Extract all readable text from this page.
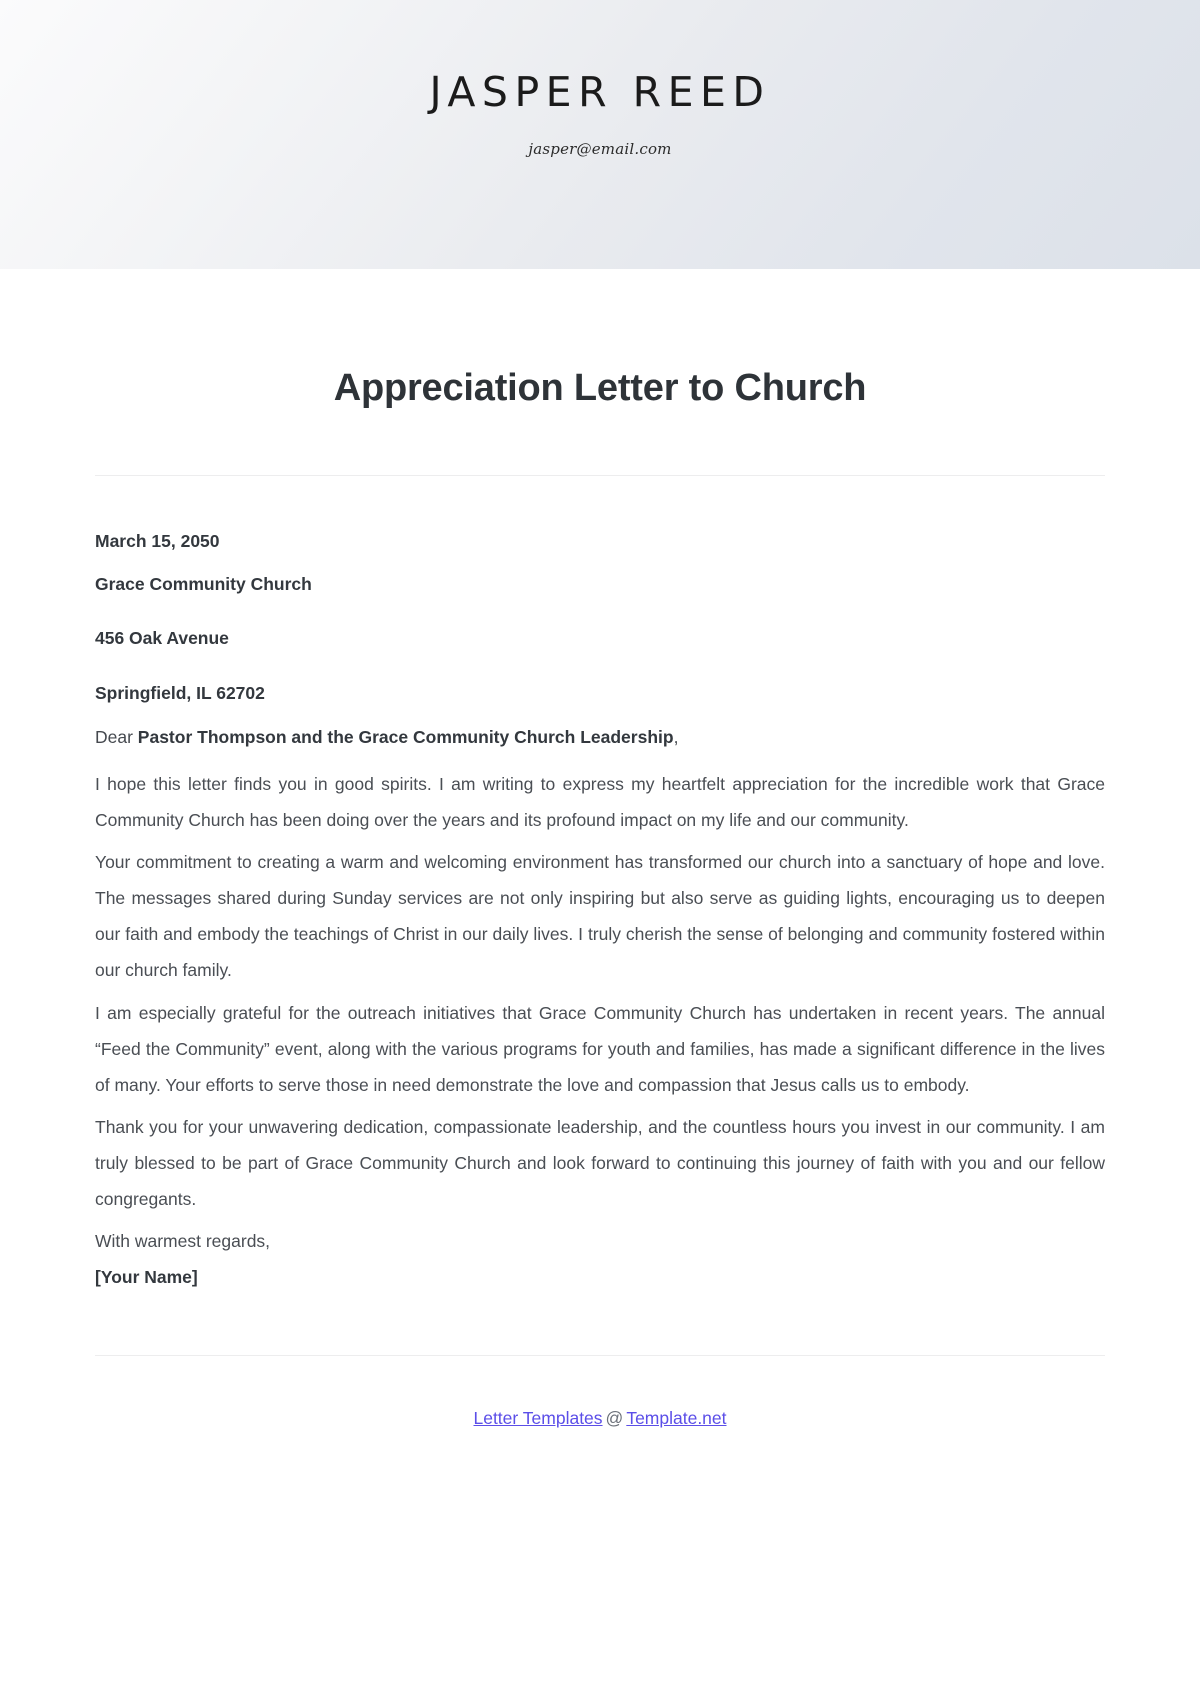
JASPER REED
jasper@email.com
Appreciation Letter to Church

March 15, 2050

Grace Community Church

456 Oak Avenue

Springfield, IL 62702

Dear Pastor Thompson and the Grace Community Church Leadership,

I hope this letter finds you in good spirits. I am writing to express my heartfelt appreciation for the incredible work that Grace Community Church has been doing over the years and its profound impact on my life and our community.

Your commitment to creating a warm and welcoming environment has transformed our church into a sanctuary of hope and love. The messages shared during Sunday services are not only inspiring but also serve as guiding lights, encouraging us to deepen our faith and embody the teachings of Christ in our daily lives. I truly cherish the sense of belonging and community fostered within our church family.

I am especially grateful for the outreach initiatives that Grace Community Church has undertaken in recent years. The annual “Feed the Community” event, along with the various programs for youth and families, has made a significant difference in the lives of many. Your efforts to serve those in need demonstrate the love and compassion that Jesus calls us to embody.

Thank you for your unwavering dedication, compassionate leadership, and the countless hours you invest in our community. I am truly blessed to be part of Grace Community Church and look forward to continuing this journey of faith with you and our fellow congregants.

With warmest regards,

[Your Name]

Letter Templates @ Template.net
